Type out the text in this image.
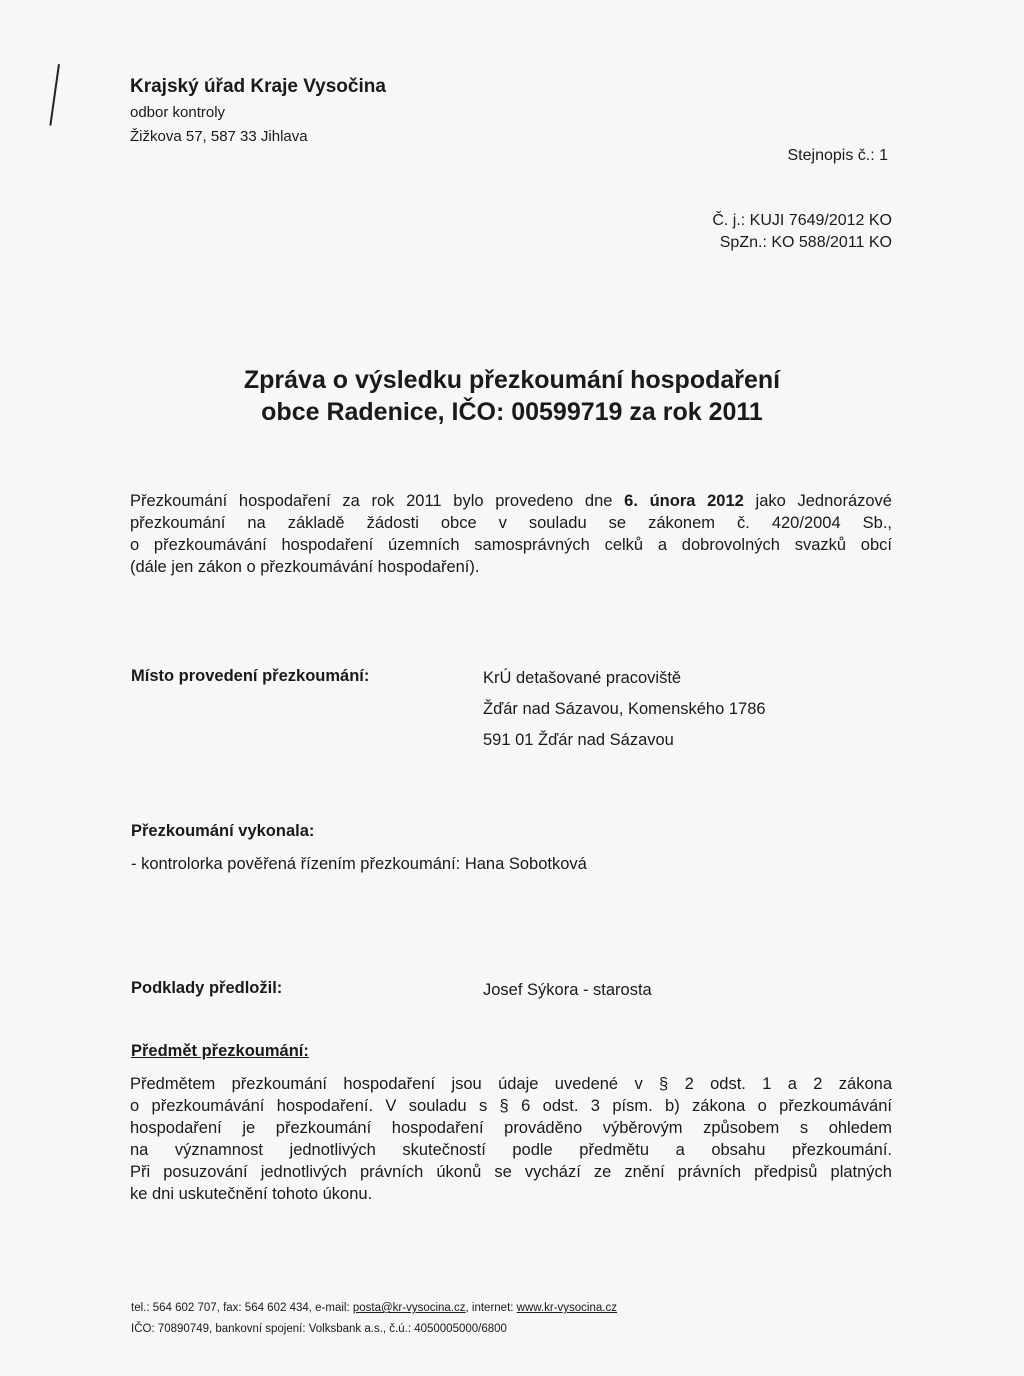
Krajský úřad Kraje Vysočina
odbor kontroly
Žižkova 57, 587 33 Jihlava
Stejnopis č.: 1
Č. j.: KUJI 7649/2012 KO
SpZn.: KO 588/2011 KO
Zpráva o výsledku přezkoumání hospodaření
obce Radenice, IČO: 00599719 za rok 2011
Přezkoumání hospodaření za rok 2011 bylo provedeno dne 6. února 2012 jako Jednorázové
přezkoumání na základě žádosti obce v souladu se zákonem č. 420/2004 Sb.,
o přezkoumávání hospodaření územních samosprávných celků a dobrovolných svazků obcí
(dále jen zákon o přezkoumávání hospodaření).
Místo provedení přezkoumání:	KrÚ detašované pracoviště
Žďár nad Sázavou, Komenského 1786
591 01 Žďár nad Sázavou
Přezkoumání vykonala:
- kontrolorka pověřená řízením přezkoumání: Hana Sobotková
Podklady předložil:	Josef Sýkora - starosta
Předmět přezkoumání:
Předmětem přezkoumání hospodaření jsou údaje uvedené v § 2 odst. 1 a 2 zákona
o přezkoumávání hospodaření. V souladu s § 6 odst. 3 písm. b) zákona o přezkoumávání
hospodaření je přezkoumání hospodaření prováděno výběrovým způsobem s ohledem
na významnost jednotlivých skutečností podle předmětu a obsahu přezkoumání.
Při posuzování jednotlivých právních úkonů se vychází ze znění právních předpisů platných
ke dni uskutečnění tohoto úkonu.
tel.: 564 602 707, fax: 564 602 434, e-mail: posta@kr-vysocina.cz, internet: www.kr-vysocina.cz
IČO: 70890749, bankovní spojení: Volksbank a.s., č.ú.: 4050005000/6800
